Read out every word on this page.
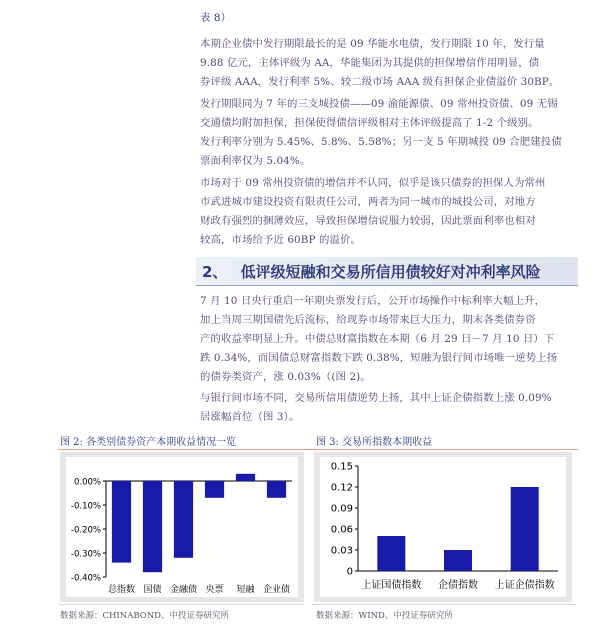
表 8）

本期企业债中发行期限最长的是 09 华能水电债，发行期限 10 年，发行量

9.88 亿元，主体评级为 AA，华能集团为其提供的担保增信作用明显，债

券评级 AAA，发行利率 5%、较二级市场 AAA 级有担保企业债溢价 30BP。

发行期限同为 7 年的三支城投债——09 渝能源债、09 常州投资债、09 无锡

交通债均附加担保，担保使得债信评级相对主体评级提高了 1-2 个级别。

发行利率分别为 5.45%、5.8%、5.58%；另一支 5 年期城投 09 合肥建投债

票面利率仅为 5.04%。

市场对于 09 常州投资债的增信并不认同，似乎是该只债券的担保人为常州

市武进城市建设投资有限责任公司，两者为同一城市的城投公司，对地方

财政有强烈的捆薄效应，导致担保增信说服力较弱，因此票面利率也相对

较高，市场给予近 60BP 的溢价。

2、 低评级短融和交易所信用债较好对冲利率风险

7 月 10 日央行重启一年期央票发行后，公开市场操作中标利率大幅上升，

加上当周三期国债先后流标，给现券市场带来巨大压力，期末各类债券资

产的收益率明显上升。中债总财富指数在本期（6 月 29 日－7 月 10 日）下

跌 0.34%，而国债总财富指数下跌 0.38%，短融为银行间市场唯一逆势上扬

的债券类资产，涨 0.03%（(图 2)。

与银行间市场不同，交易所信用债逆势上扬，其中上证企债指数上涨 0.09%

居涨幅首位（图 3）。

图 2: 各类别债券资产本期收益情况一览	图 3: 交易所指数本期收益
0.00%
-0.10%
-0.20%
-0.30%
-0.40%
总指数 国债 金融债 央票 短融 企业债
0.15
0.12
0.09
0.06
0.03
0
上证国债指数 企债指数 上证企债指数
数据来源：CHINABOND、中投证券研究所	数据来源：WIND、中投证券研究所
